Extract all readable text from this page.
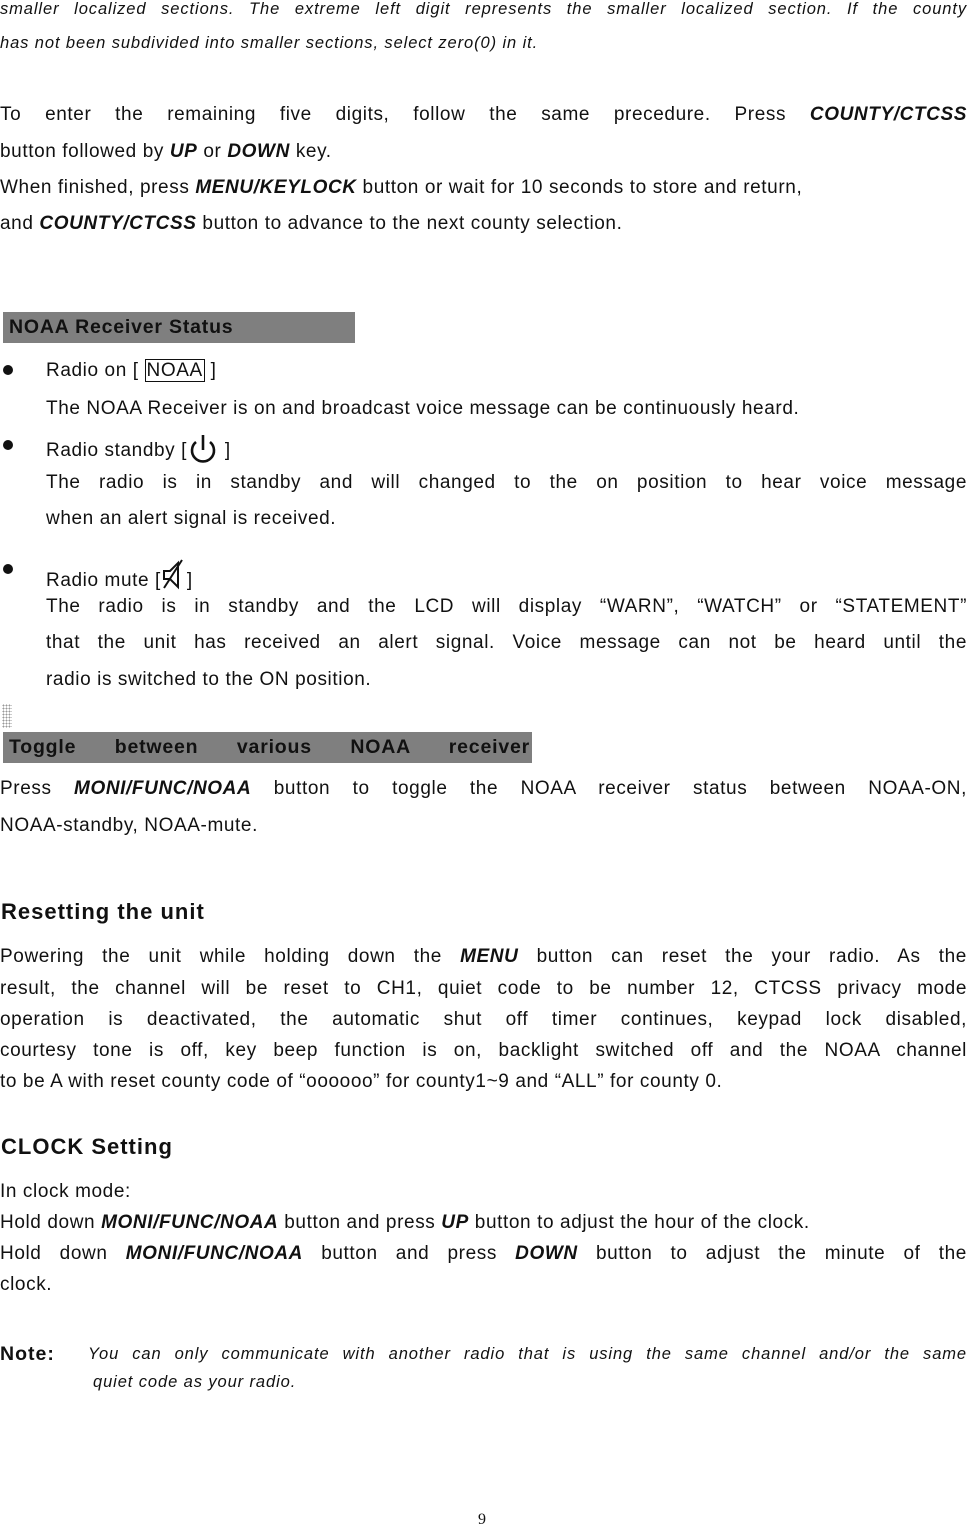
smaller localized sections. The extreme left digit represents the smaller localized section. If the county
has not been subdivided into smaller sections, select zero(0) in it.
To enter the remaining five digits, follow the same precedure. Press COUNTY/CTCSS
button followed by UP or DOWN key.
When finished, press MENU/KEYLOCK button or wait for 10 seconds to store and return,
and COUNTY/CTCSS button to advance to the next county selection.
NOAA Receiver Status
Radio on [ NOAA ]
The NOAA Receiver is on and broadcast voice message can be continuously heard.
Radio standby [ ]
The radio is in standby and will changed to the on position to hear voice message
when an alert signal is received.
Radio mute [ ]
The radio is in standby and the LCD will display “WARN”, “WATCH” or “STATEMENT”
that the unit has received an alert signal. Voice message can not be heard until the
radio is switched to the ON position.
Toggle between various NOAA receiver
Press MONI/FUNC/NOAA button to toggle the NOAA receiver status between NOAA-ON,
NOAA-standby, NOAA-mute.
Resetting the unit
Powering the unit while holding down the MENU button can reset the your radio. As the
result, the channel will be reset to CH1, quiet code to be number 12, CTCSS privacy mode
operation is deactivated, the automatic shut off timer continues, keypad lock disabled,
courtesy tone is off, key beep function is on, backlight switched off and the NOAA channel
to be A with reset county code of “oooooo” for county1~9 and “ALL” for county 0.
CLOCK Setting
In clock mode:
Hold down MONI/FUNC/NOAA button and press UP button to adjust the hour of the clock.
Hold down MONI/FUNC/NOAA button and press DOWN button to adjust the minute of the
clock.
Note: You can only communicate with another radio that is using the same channel and/or the same
quiet code as your radio.
9
